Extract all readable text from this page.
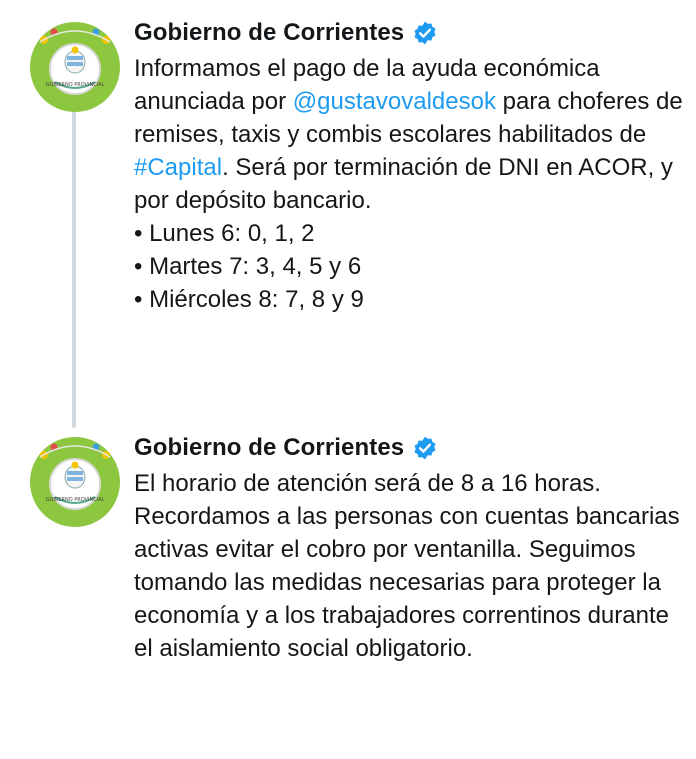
GOBIERNO PROVINCIAL
Gobierno de Corrientes
Informamos el pago de la ayuda económica anunciada por @gustavovaldesok para choferes de remises, taxis y combis escolares habilitados de #Capital. Será por terminación de DNI en ACOR, y por depósito bancario.

• Lunes 6: 0, 1, 2
• Martes 7: 3, 4, 5 y 6
• Miércoles 8: 7, 8 y 9
GOBIERNO PROVINCIAL
Gobierno de Corrientes
El horario de atención será de 8 a 16 horas. Recordamos a las personas con cuentas bancarias activas evitar el cobro por ventanilla. Seguimos tomando las medidas necesarias para proteger la economía y a los trabajadores correntinos durante el aislamiento social obligatorio.
